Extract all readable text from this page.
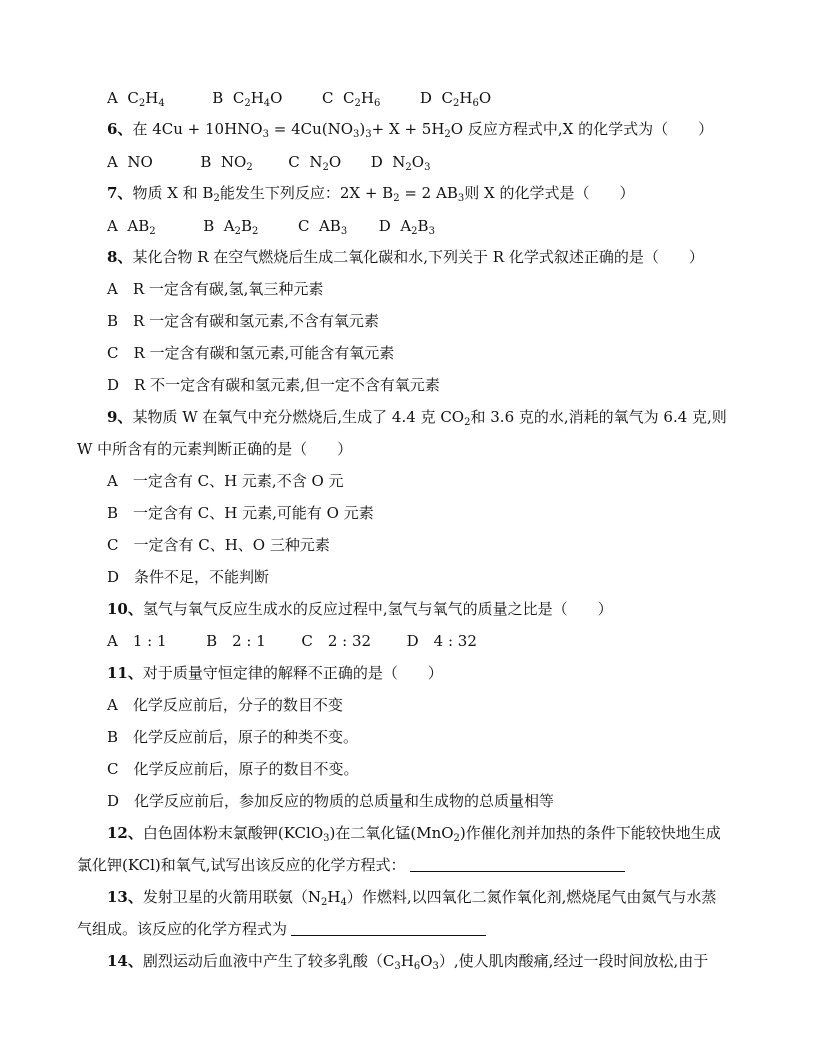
A  $C_2H_4$	B  $C_2H_4O$  C  $C_2H_6$	D  $C_2H_6O$
6、在 $4Cu + 10HNO_3 = 4Cu(NO_3)_3+ X + 5H_2O$ 反应方程式中,X 的化学式为（　　）
A  NO	B  $NO_2$ C  $N_2O$  D  $N_2O_3$
7、物质 X 和 $B_2$能发生下列反应：$2X + B_2 = 2$ $AB_3$则 X 的化学式是（　　）
A  $AB_2$	B  $A_2B_2$	C  $AB_3$ D  $A_2B_3$
8、某化合物 R 在空气燃烧后生成二氧化碳和水,下列关于 R 化学式叙述正确的是（　　）
A　R 一定含有碳,氢,氧三种元素
B　R 一定含有碳和氢元素,不含有氧元素
C　R 一定含有碳和氢元素,可能含有氧元素
D　R 不一定含有碳和氢元素,但一定不含有氧元素
9、某物质 W 在氧气中充分燃烧后,生成了 4.4 克 $CO_2$和 3.6 克的水,消耗的氧气为 6.4 克,则
W 中所含有的元素判断正确的是（　　）
A　一定含有 C、H 元素,不含 O 元
B　一定含有 C、H 元素,可能有 O 元素
C　一定含有 C、H、O 三种元素
D　条件不足，不能判断
10、氢气与氧气反应生成水的反应过程中,氢气与氧气的质量之比是（　　）
A　1 : 1	B　2 : 1 C　2 : 32 D　4 : 32
11、对于质量守恒定律的解释不正确的是（　　）
A　化学反应前后，分子的数目不变
B　化学反应前后，原子的种类不变。
C　化学反应前后，原子的数目不变。
D　化学反应前后，参加反应的物质的总质量和生成物的总质量相等
12、白色固体粉末氯酸钾(KClO$_3$)在二氧化锰(MnO$_2$)作催化剂并加热的条件下能较快地生成
氯化钾(KCl)和氧气,试写出该反应的化学方程式：
13、发射卫星的火箭用联氨$(N_2H_4)$作燃料,以四氧化二氮作氧化剂,燃烧尾气由氮气与水蒸
气组成。该反应的化学方程式为
14、剧烈运动后血液中产生了较多乳酸$(C_3H_6O_3)$,使人肌肉酸痛,经过一段时间放松,由于
